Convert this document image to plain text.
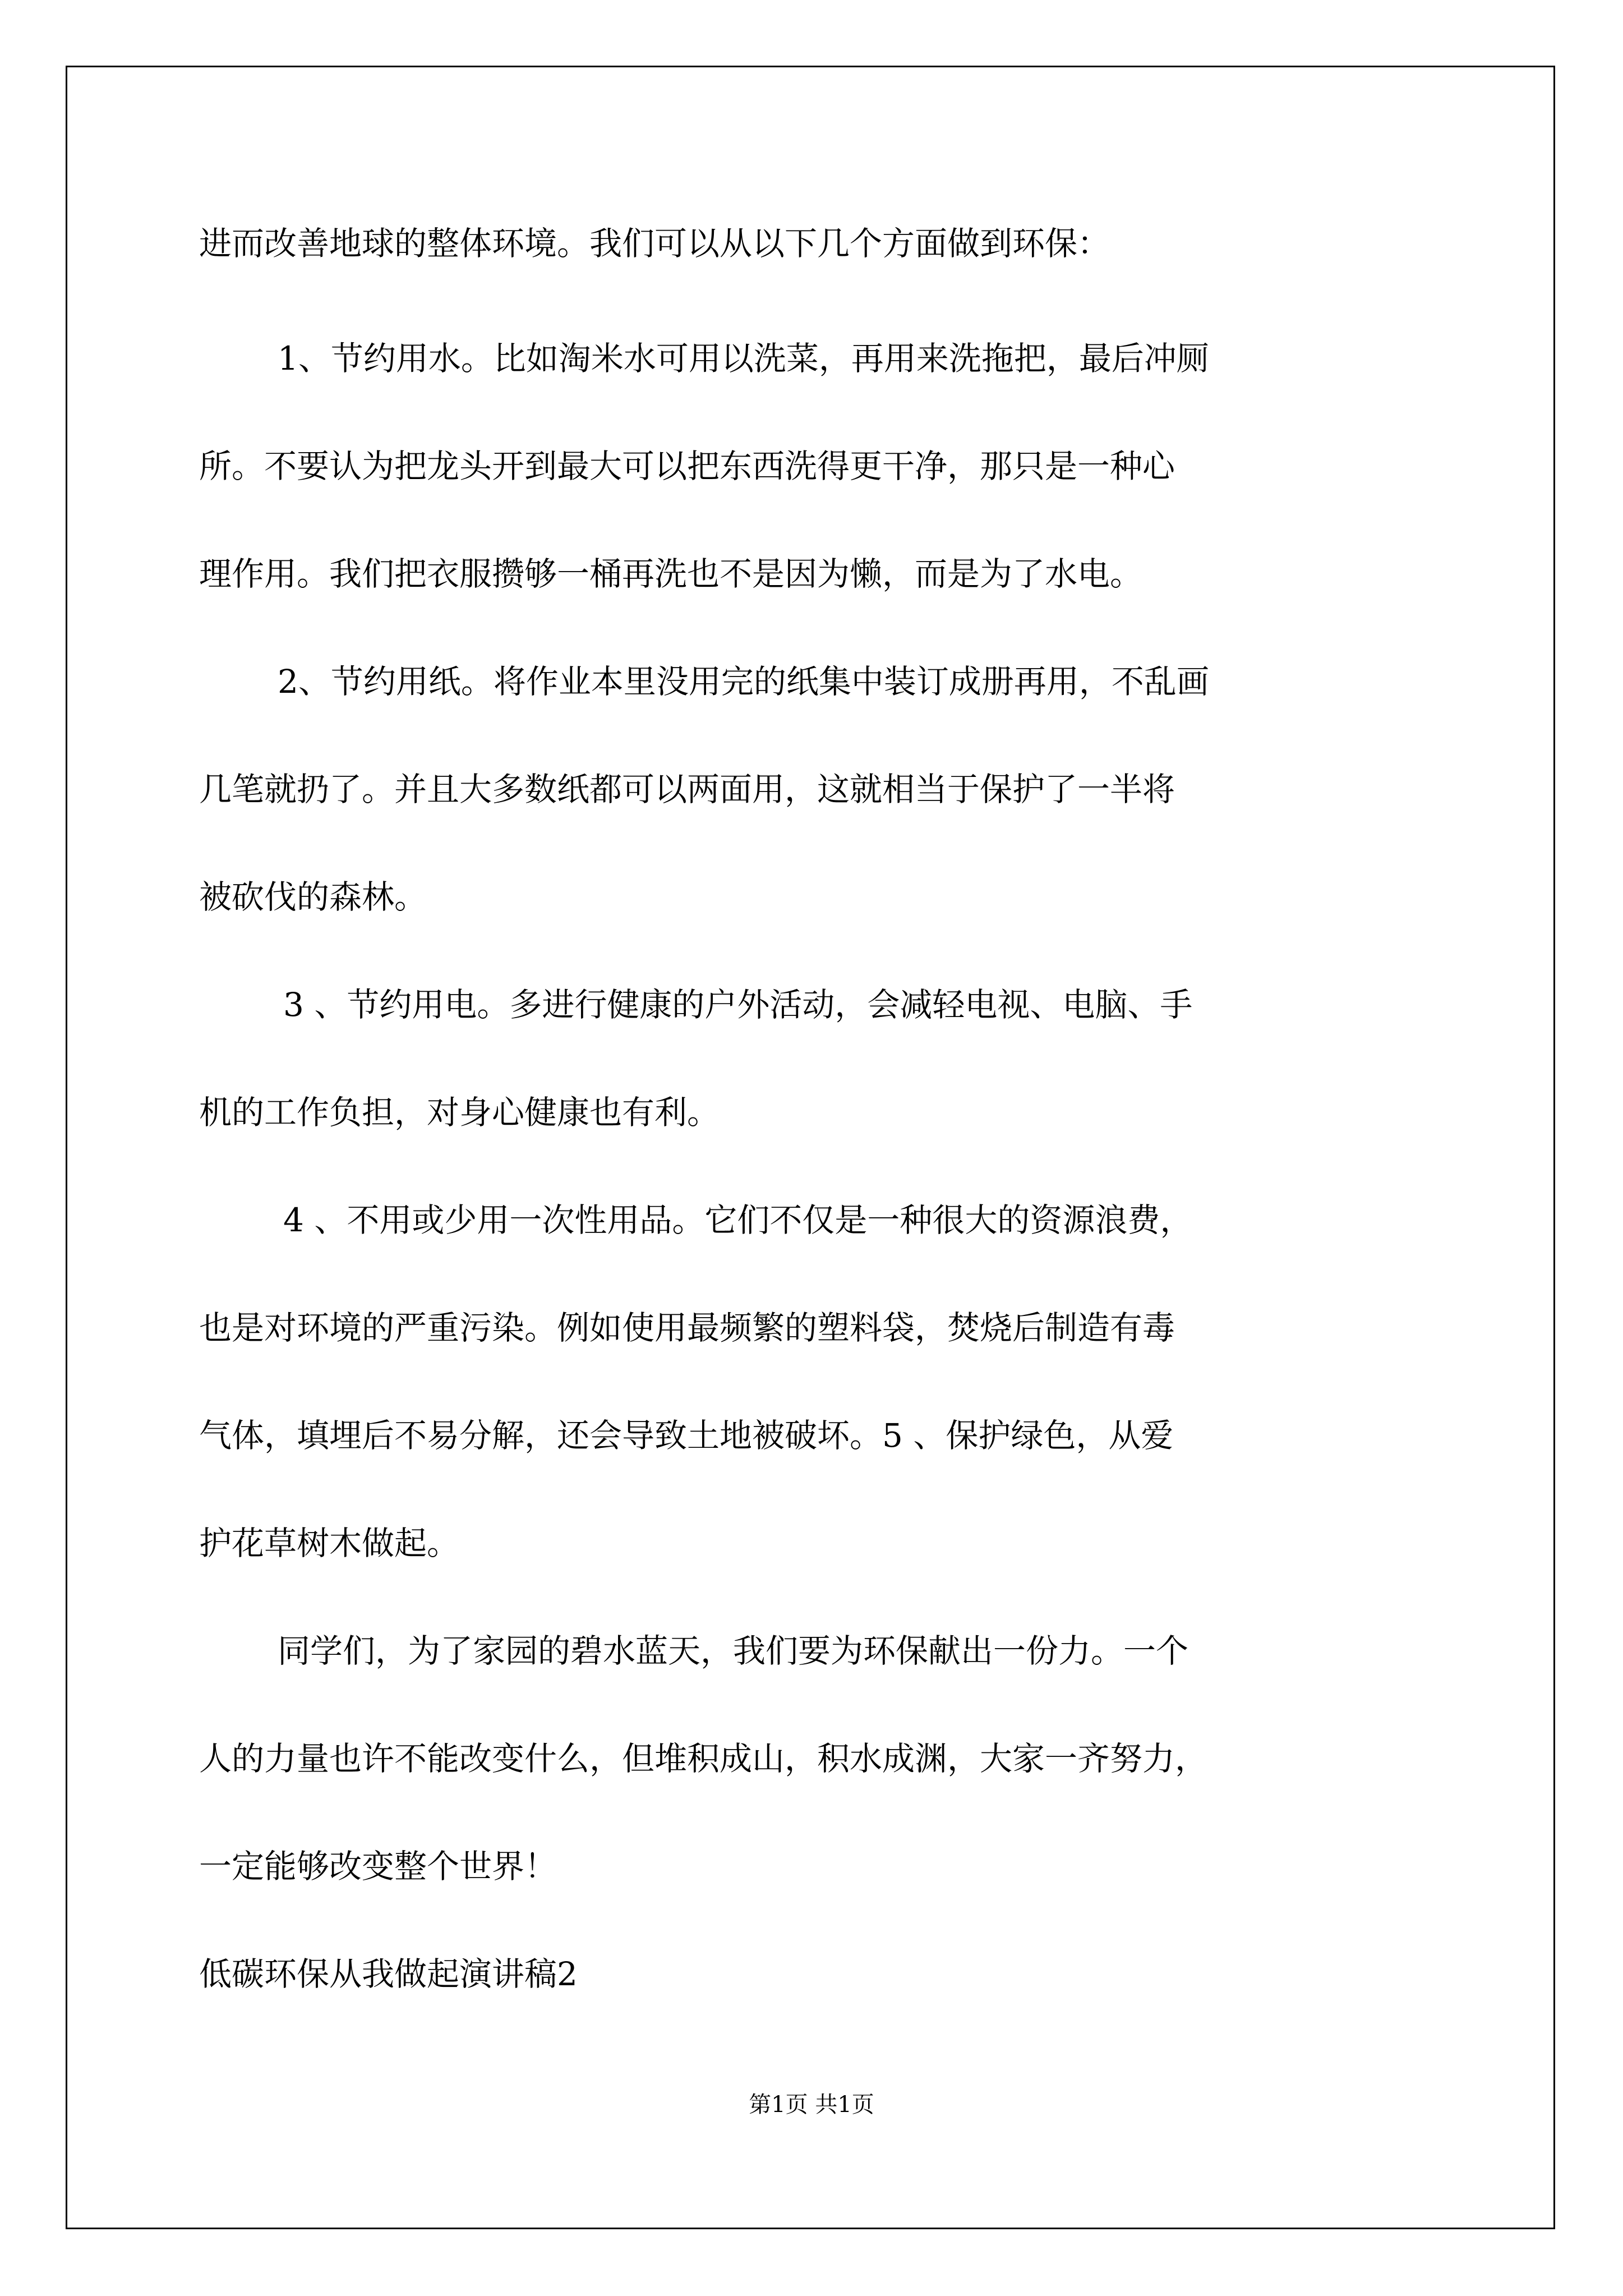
进而改善地球的整体环境。我们可以从以下几个方面做到环保：
1、节约用水。比如淘米水可用以洗菜，再用来洗拖把，最后冲厕
所。不要认为把龙头开到最大可以把东西洗得更干净，那只是一种心
理作用。我们把衣服攒够一桶再洗也不是因为懒，而是为了水电。
2、节约用纸。将作业本里没用完的纸集中装订成册再用，不乱画
几笔就扔了。并且大多数纸都可以两面用，这就相当于保护了一半将
被砍伐的森林。
3 、节约用电。多进行健康的户外活动，会减轻电视、电脑、手
机的工作负担，对身心健康也有利。
4 、不用或少用一次性用品。它们不仅是一种很大的资源浪费，
也是对环境的严重污染。例如使用最频繁的塑料袋，焚烧后制造有毒
气体，填埋后不易分解，还会导致土地被破坏。5 、保护绿色，从爱
护花草树木做起。
同学们，为了家园的碧水蓝天，我们要为环保献出一份力。一个
人的力量也许不能改变什么，但堆积成山，积水成渊，大家一齐努力，
一定能够改变整个世界！
低碳环保从我做起演讲稿2
第1页 共1页
